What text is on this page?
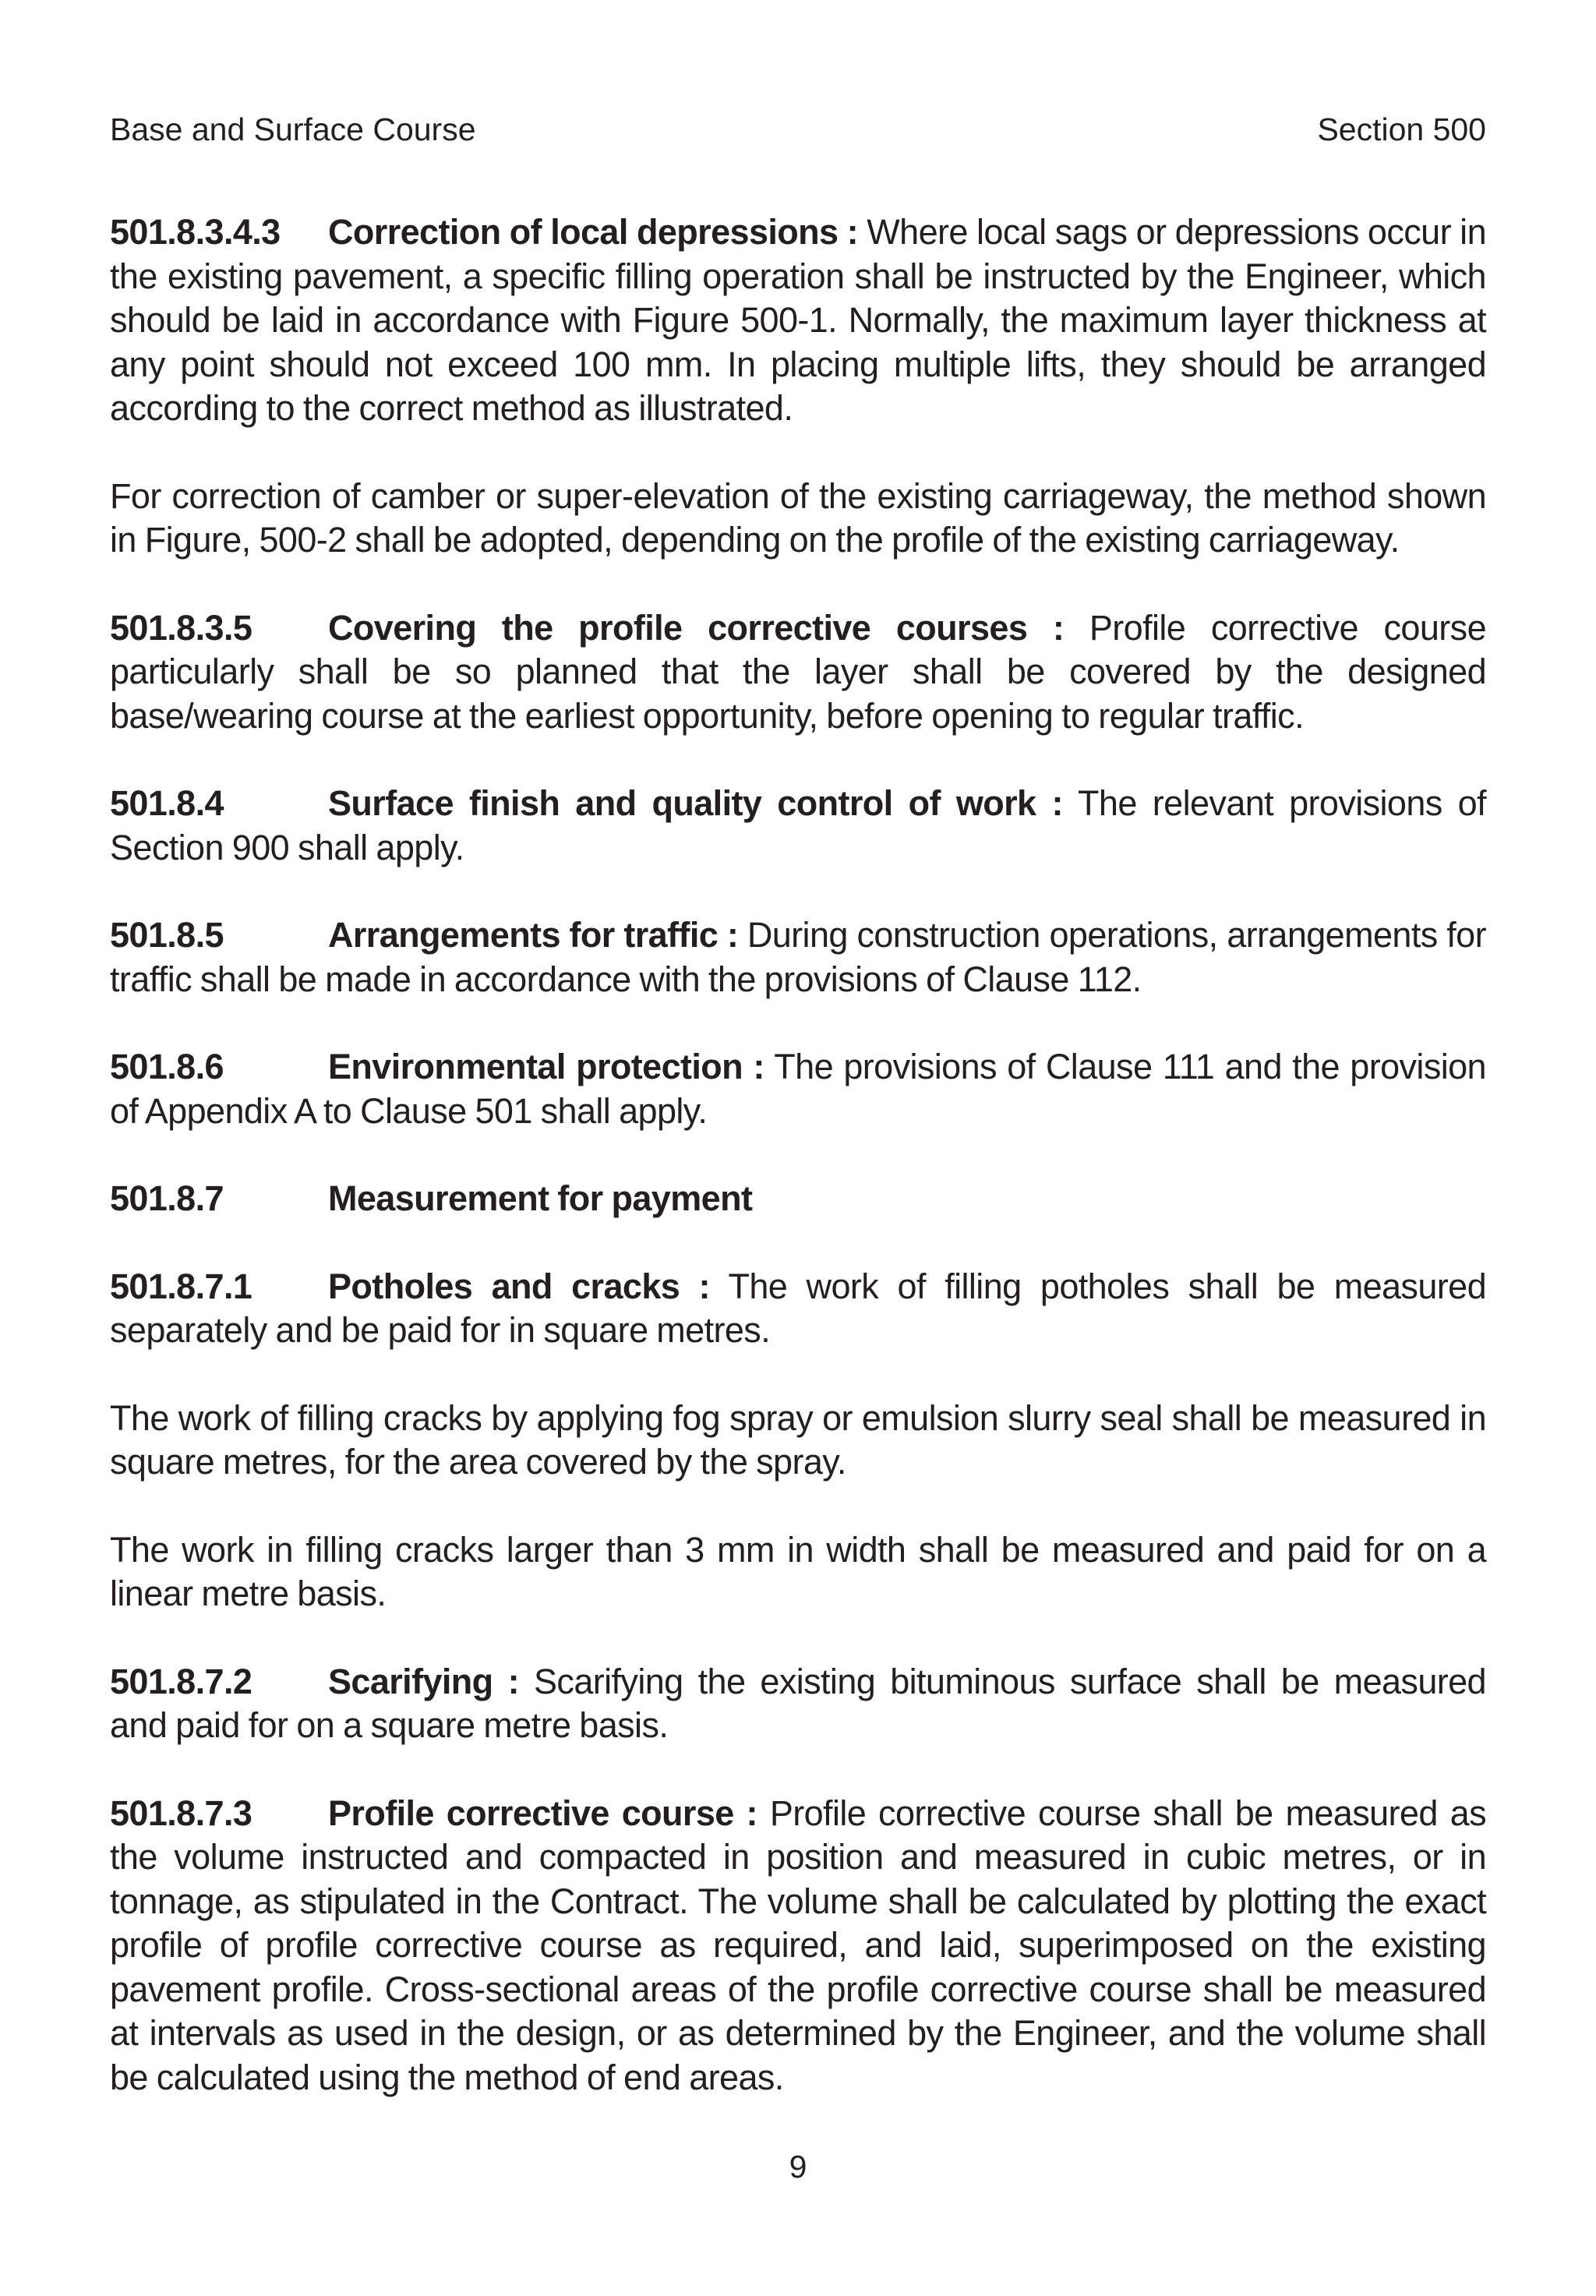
Base and Surface Course	Section 500

501.8.3.4.3 Correction of local depressions : Where local sags or depressions occur in the existing pavement, a specific filling operation shall be instructed by the Engineer, which should be laid in accordance with Figure 500-1. Normally, the maximum layer thickness at any point should not exceed 100 mm. In placing multiple lifts, they should be arranged according to the correct method as illustrated.

For correction of camber or super-elevation of the existing carriageway, the method shown in Figure, 500-2 shall be adopted, depending on the profile of the existing carriageway.

501.8.3.5 Covering the profile corrective courses : Profile corrective course particularly shall be so planned that the layer shall be covered by the designed base/wearing course at the earliest opportunity, before opening to regular traffic.

501.8.4	Surface finish and quality control of work : The relevant provisions of Section 900 shall apply.

501.8.5	Arrangements for traffic : During construction operations, arrangements for traffic shall be made in accordance with the provisions of Clause 112.

501.8.6	Environmental protection : The provisions of Clause 111 and the provision of Appendix A to Clause 501 shall apply.

501.8.7	Measurement for payment

501.8.7.1 Potholes and cracks : The work of filling potholes shall be measured separately and be paid for in square metres.

The work of filling cracks by applying fog spray or emulsion slurry seal shall be measured in square metres, for the area covered by the spray.

The work in filling cracks larger than 3 mm in width shall be measured and paid for on a linear metre basis.

501.8.7.2 Scarifying : Scarifying the existing bituminous surface shall be measured and paid for on a square metre basis.

501.8.7.3 Profile corrective course : Profile corrective course shall be measured as the volume instructed and compacted in position and measured in cubic metres, or in tonnage, as stipulated in the Contract. The volume shall be calculated by plotting the exact profile of profile corrective course as required, and laid, superimposed on the existing pavement profile. Cross-sectional areas of the profile corrective course shall be measured at intervals as used in the design, or as determined by the Engineer, and the volume shall be calculated using the method of end areas.

9
